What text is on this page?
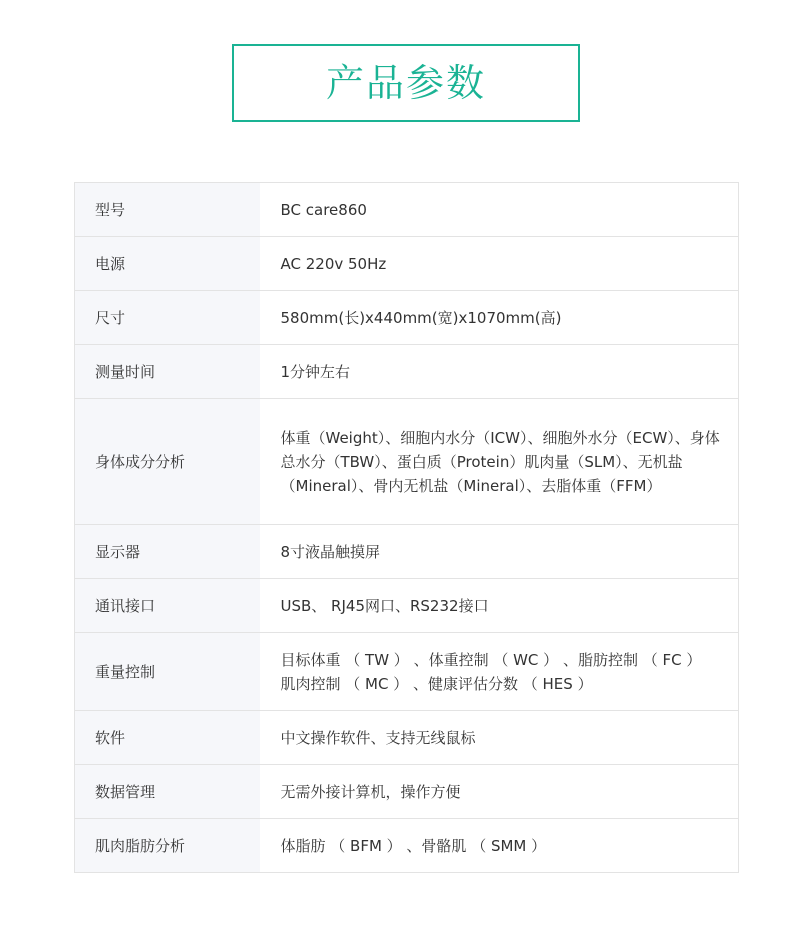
产品参数
型号	BC care860
电源	AC 220v 50Hz
尺寸	580mm(长)x440mm(宽)x1070mm(高)
测量时间	1分钟左右
身体成分分析	体重（Weight）、细胞内水分（ICW）、细胞外水分（ECW）、身体总水分（TBW）、蛋白质（Protein）肌肉量（SLM）、无机盐（Mineral）、骨内无机盐（Mineral）、去脂体重（FFM）
显示器	8寸液晶触摸屏
通讯接口	USB、 RJ45网口、RS232接口
重量控制	目标体重 （ TW ） 、体重控制 （ WC ） 、脂肪控制 （ FC ） 肌肉控制 （ MC ） 、健康评估分数 （ HES ）
软件	中文操作软件、支持无线鼠标
数据管理	无需外接计算机，操作方便
肌肉脂肪分析	体脂肪 （ BFM ） 、骨骼肌 （ SMM ）
